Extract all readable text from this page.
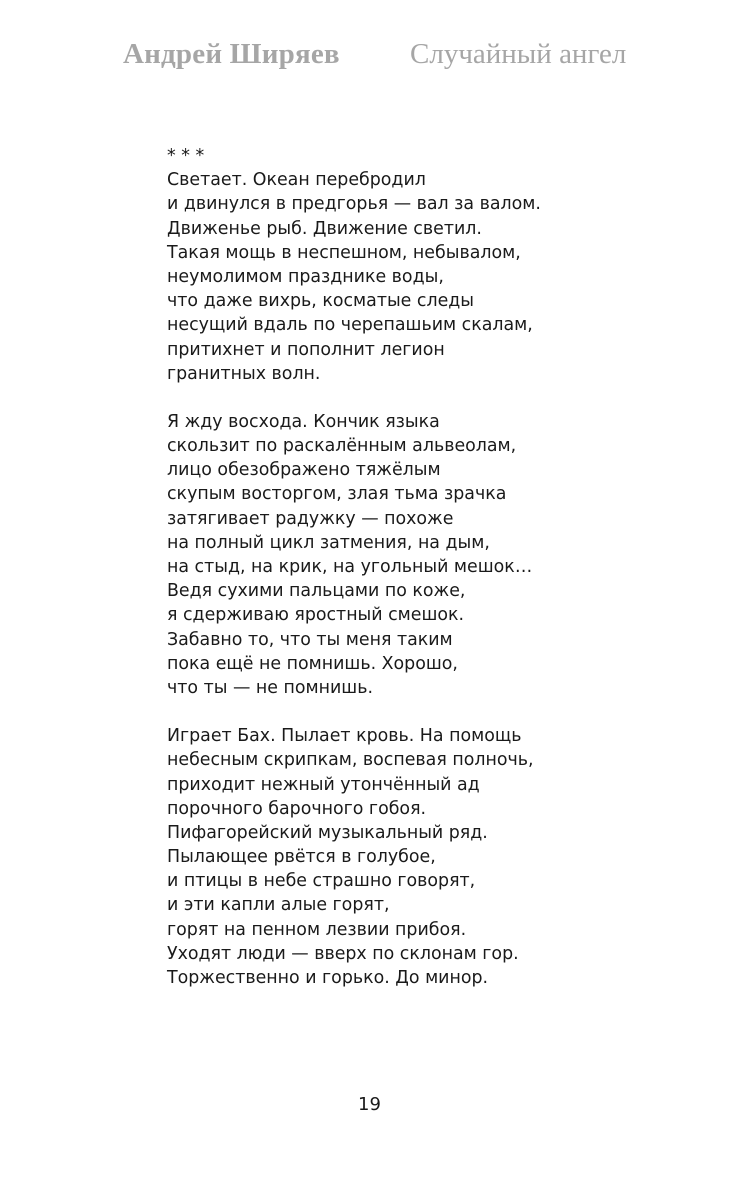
Андрей Ширяев Случайный ангел
* * *
Светает. Океан перебродил
и двинулся в предгорья — вал за валом.
Движенье рыб. Движение светил.
Такая мощь в неспешном, небывалом,
неумолимом празднике воды,
что даже вихрь, косматые следы
несущий вдаль по черепашьим скалам,
притихнет и пополнит легион
гранитных волн.
Я жду восхода. Кончик языка
скользит по раскалённым альвеолам,
лицо обезображено тяжёлым
скупым восторгом, злая тьма зрачка
затягивает радужку — похоже
на полный цикл затмения, на дым,
на стыд, на крик, на угольный мешок…
Ведя сухими пальцами по коже,
я сдерживаю яростный смешок.
Забавно то, что ты меня таким
пока ещё не помнишь. Хорошо,
что ты — не помнишь.
Играет Бах. Пылает кровь. На помощь
небесным скрипкам, воспевая полночь,
приходит нежный утончённый ад
порочного барочного гобоя.
Пифагорейский музыкальный ряд.
Пылающее рвётся в голубое,
и птицы в небе страшно говорят,
и эти капли алые горят,
горят на пенном лезвии прибоя.
Уходят люди — вверх по склонам гор.
Торжественно и горько. До минор.
19
